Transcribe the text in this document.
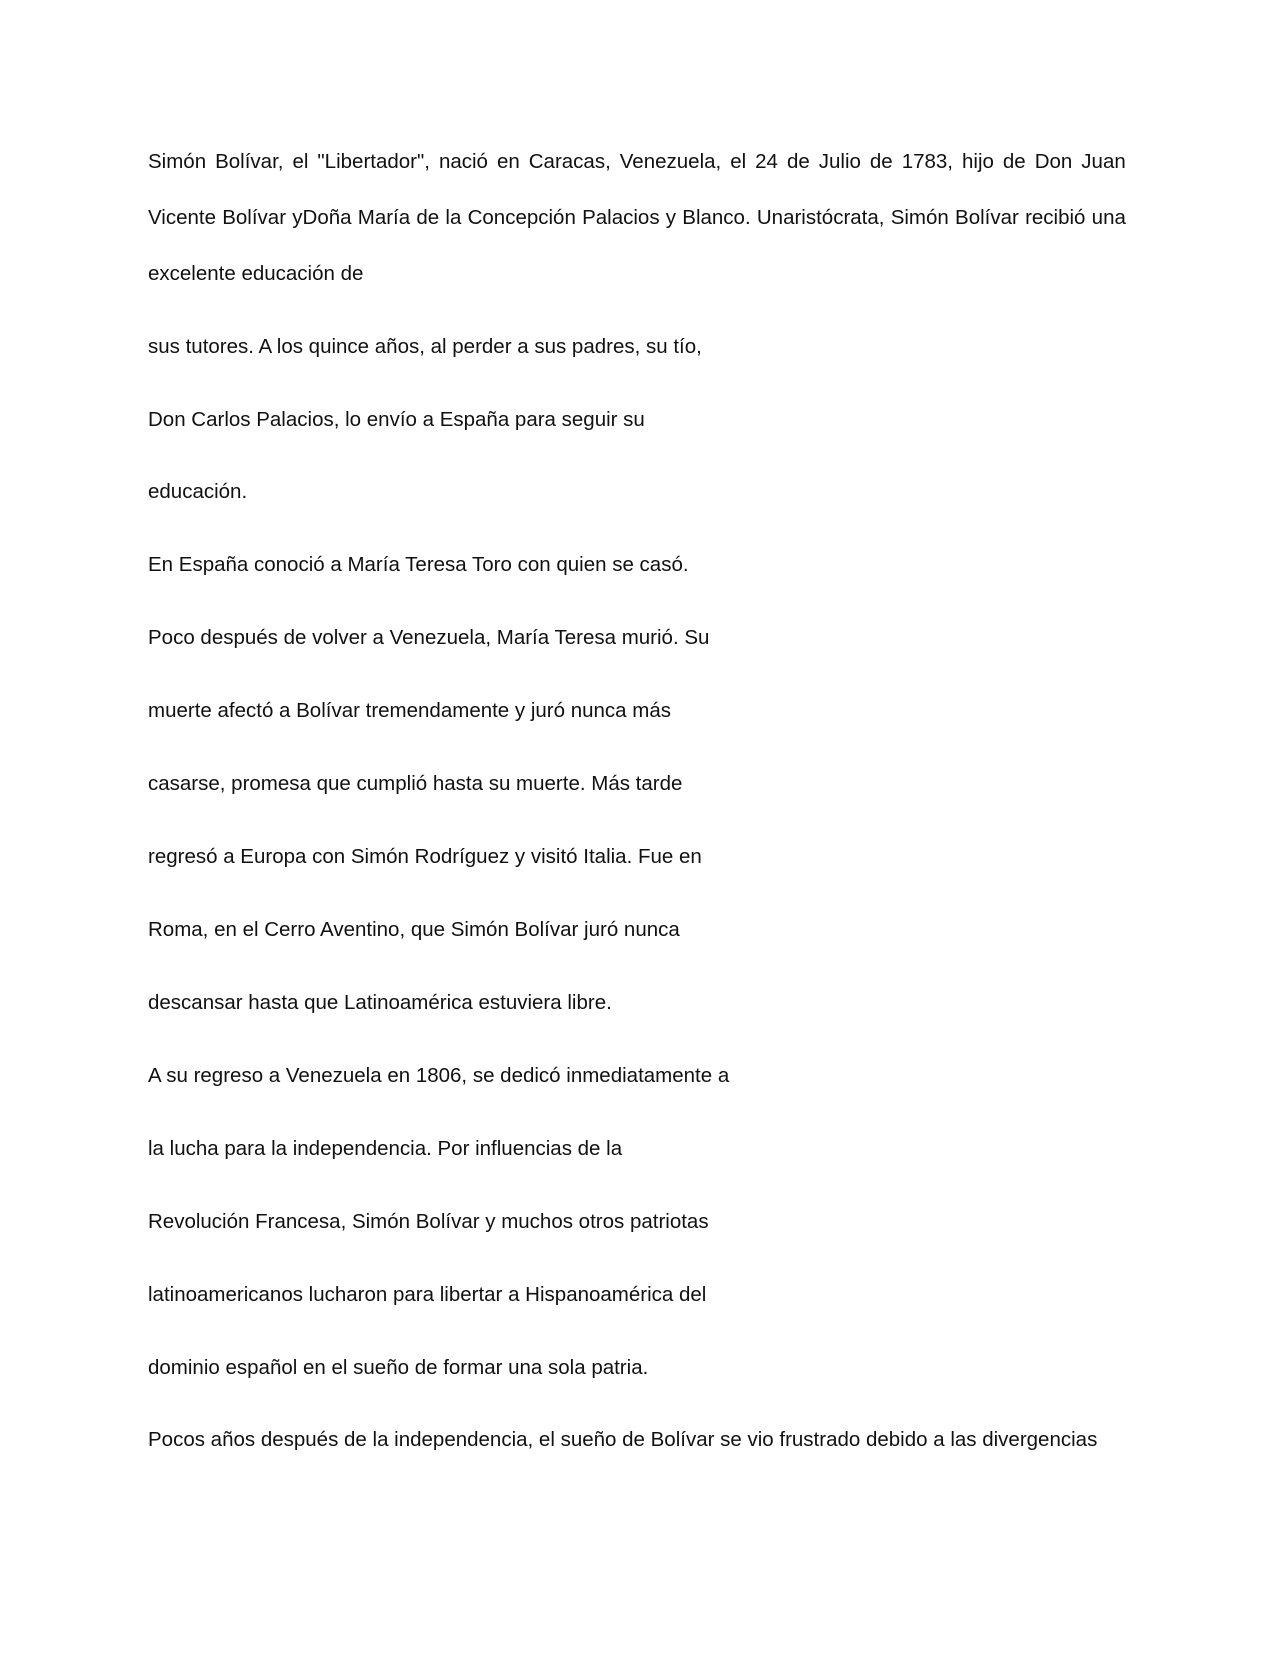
Simón Bolívar, el "Libertador", nació en Caracas, Venezuela, el 24 de Julio de 1783, hijo de Don Juan
Vicente Bolívar yDoña María de la Concepción Palacios y Blanco. Unaristócrata, Simón Bolívar recibió una
excelente educación de
sus tutores. A los quince años, al perder a sus padres, su tío,
Don Carlos Palacios, lo envío a España para seguir su
educación.
En España conoció a María Teresa Toro con quien se casó.
Poco después de volver a Venezuela, María Teresa murió. Su
muerte afectó a Bolívar tremendamente y juró nunca más
casarse, promesa que cumplió hasta su muerte. Más tarde
regresó a Europa con Simón Rodríguez y visitó Italia. Fue en
Roma, en el Cerro Aventino, que Simón Bolívar juró nunca
descansar hasta que Latinoamérica estuviera libre.
A su regreso a Venezuela en 1806, se dedicó inmediatamente a
la lucha para la independencia. Por influencias de la
Revolución Francesa, Simón Bolívar y muchos otros patriotas
latinoamericanos lucharon para libertar a Hispanoamérica del
dominio español en el sueño de formar una sola patria.
Pocos años después de la independencia, el sueño de Bolívar se vio frustrado debido a las divergencias
